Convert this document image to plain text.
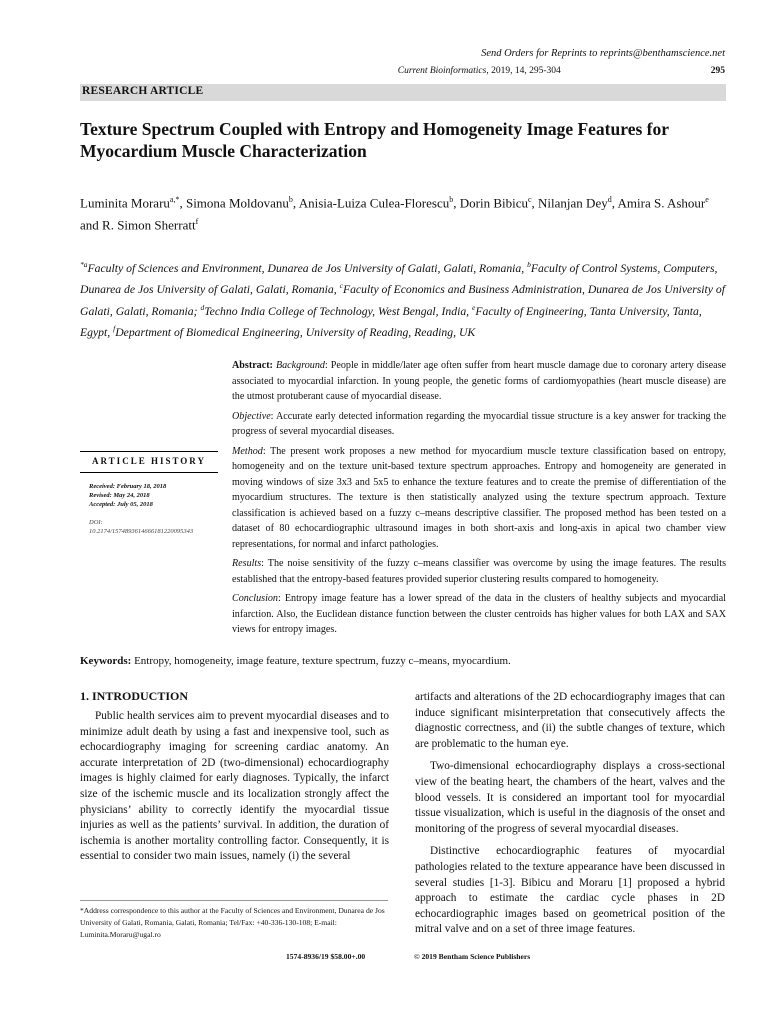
Send Orders for Reprints to reprints@benthamscience.net
Current Bioinformatics, 2019, 14, 295-304	295
RESEARCH ARTICLE
Texture Spectrum Coupled with Entropy and Homogeneity Image Features for Myocardium Muscle Characterization
Luminita Moraru$^{a,*}$, Simona Moldovanu$^b$, Anisia-Luiza Culea-Florescu$^b$, Dorin Bibicu$^c$, Nilanjan Dey$^d$, Amira S. Ashour$^e$ and R. Simon Sherratt$^f$
$^{*a}$Faculty of Sciences and Environment, Dunarea de Jos University of Galati, Galati, Romania, $^b$Faculty of Control Systems, Computers, Dunarea de Jos University of Galati, Galati, Romania, $^c$Faculty of Economics and Business Administration, Dunarea de Jos University of Galati, Galati, Romania; $^d$Techno India College of Technology, West Bengal, India, $^e$Faculty of Engineering, Tanta University, Tanta, Egypt, $^f$Department of Biomedical Engineering, University of Reading, Reading, UK

Abstract: Background: People in middle/later age often suffer from heart muscle damage due to coronary artery disease associated to myocardial infarction. In young people, the genetic forms of cardiomyopathies (heart muscle disease) are the utmost protuberant cause of myocardial disease.

Objective: Accurate early detected information regarding the myocardial tissue structure is a key answer for tracking the progress of several myocardial diseases.

Method: The present work proposes a new method for myocardium muscle texture classification based on entropy, homogeneity and on the texture unit-based texture spectrum approaches. Entropy and homogeneity are generated in moving windows of size 3x3 and 5x5 to enhance the texture features and to create the premise of differentiation of the myocardium structures. The texture is then statistically analyzed using the texture spectrum approach. Texture classification is achieved based on a fuzzy c–means descriptive classifier. The proposed method has been tested on a dataset of 80 echocardiographic ultrasound images in both short-axis and long-axis in apical two chamber view representations, for normal and infarct pathologies.

Results: The noise sensitivity of the fuzzy c–means classifier was overcome by using the image features. The results established that the entropy-based features provided superior clustering results compared to homogeneity.

Conclusion: Entropy image feature has a lower spread of the data in the clusters of healthy subjects and myocardial infarction. Also, the Euclidean distance function between the cluster centroids has higher values for both LAX and SAX views for entropy images.

ARTICLE HISTORY
Received: February 18, 2018
Revised: May 24, 2018
Accepted: July 05, 2018
DOI:
10.2174/1574893614666181220095343
Keywords: Entropy, homogeneity, image feature, texture spectrum, fuzzy c–means, myocardium.
1. INTRODUCTION

Public health services aim to prevent myocardial diseases and to minimize adult death by using a fast and inexpensive tool, such as echocardiography imaging for screening cardiac anatomy. An accurate interpretation of 2D (two-dimensional) echocardiography images is highly claimed for early diagnoses. Typically, the infarct size of the ischemic muscle and its localization strongly affect the physicians’ ability to correctly identify the myocardial tissue injuries as well as the patients’ survival. In addition, the duration of ischemia is another mortality controlling factor. Consequently, it is essential to consider two main issues, namely (i) the several

artifacts and alterations of the 2D echocardiography images that can induce significant misinterpretation that consecutively affects the diagnostic correctness, and (ii) the subtle changes of texture, which are problematic to the human eye.

Two-dimensional echocardiography displays a cross-sectional view of the beating heart, the chambers of the heart, valves and the blood vessels. It is considered an important tool for myocardial tissue visualization, which is useful in the diagnosis of the onset and monitoring of the progress of several myocardial diseases.

Distinctive echocardiographic features of myocardial pathologies related to the texture appearance have been discussed in several studies [1-3]. Bibicu and Moraru [1] proposed a hybrid approach to estimate the cardiac cycle phases in 2D echocardiographic images based on geometrical position of the mitral valve and on a set of three image features.

*Address correspondence to this author at the Faculty of Sciences and Environment, Dunarea de Jos University of Galati, Romania, Galati, Romania; Tel/Fax: +40-336-130-108; E-mail: Luminita.Moraru@ugal.ro
1574-8936/19 $58.00+.00	© 2019 Bentham Science Publishers
